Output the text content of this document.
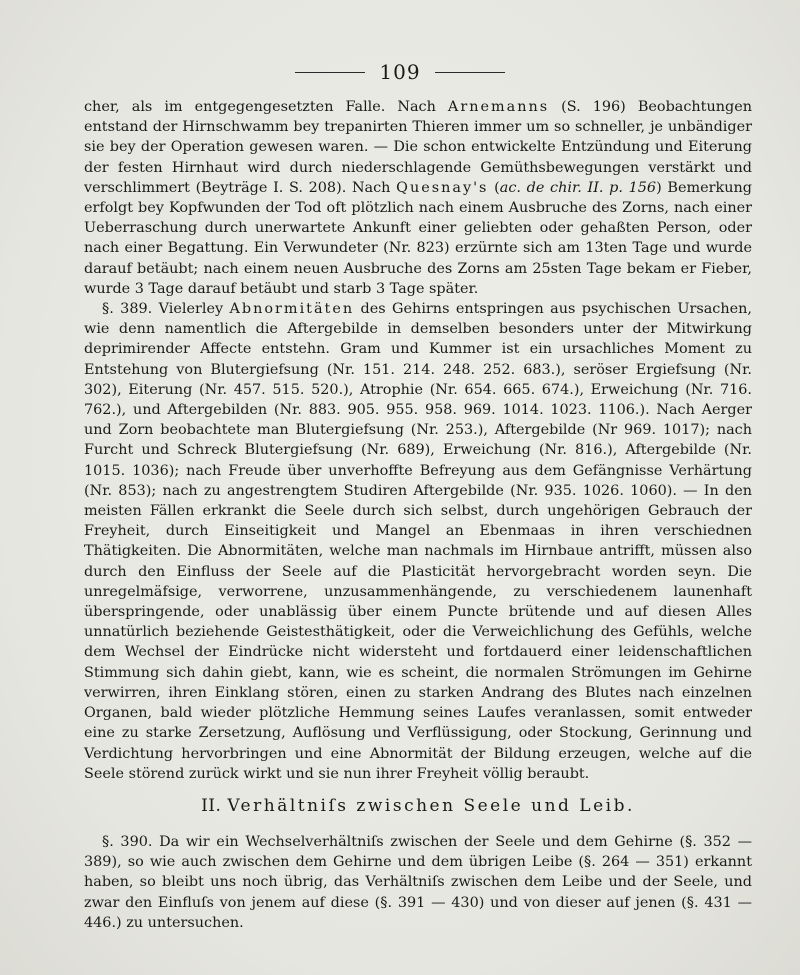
109

cher, als im entgegengesetzten Falle. Nach Arnemanns (S. 196) Beobachtungen entstand der Hirnschwamm bey trepanirten Thieren immer um so schneller, je unbändiger sie bey der Operation gewesen waren. — Die schon entwickelte Entzündung und Eiterung der festen Hirnhaut wird durch niederschlagende Gemüthsbewegungen verstärkt und verschlimmert (Beyträge I. S. 208). Nach Quesnay's (ac. de chir. II. p. 156) Bemerkung erfolgt bey Kopfwunden der Tod oft plötzlich nach einem Ausbruche des Zorns, nach einer Ueberraschung durch unerwartete Ankunft einer geliebten oder gehaßten Person, oder nach einer Begattung. Ein Verwundeter (Nr. 823) erzürnte sich am 13ten Tage und wurde darauf betäubt; nach einem neuen Ausbruche des Zorns am 25sten Tage bekam er Fieber, wurde 3 Tage darauf betäubt und starb 3 Tage später.

§. 389. Vielerley Abnormitäten des Gehirns entspringen aus psychischen Ursachen, wie denn namentlich die Aftergebilde in demselben besonders unter der Mitwirkung deprimirender Affecte entstehn. Gram und Kummer ist ein ursachliches Moment zu Entstehung von Blutergiefsung (Nr. 151. 214. 248. 252. 683.), seröser Ergiefsung (Nr. 302), Eiterung (Nr. 457. 515. 520.), Atrophie (Nr. 654. 665. 674.), Erweichung (Nr. 716. 762.), und Aftergebilden (Nr. 883. 905. 955. 958. 969. 1014. 1023. 1106.). Nach Aerger und Zorn beobachtete man Blutergiefsung (Nr. 253.), Aftergebilde (Nr 969. 1017); nach Furcht und Schreck Blutergiefsung (Nr. 689), Erweichung (Nr. 816.), Aftergebilde (Nr. 1015. 1036); nach Freude über unverhoffte Befreyung aus dem Gefängnisse Verhärtung (Nr. 853); nach zu angestrengtem Studiren Aftergebilde (Nr. 935. 1026. 1060). — In den meisten Fällen erkrankt die Seele durch sich selbst, durch ungehörigen Gebrauch der Freyheit, durch Einseitigkeit und Mangel an Ebenmaas in ihren verschiednen Thätigkeiten. Die Abnormitäten, welche man nachmals im Hirnbaue antrifft, müssen also durch den Einfluss der Seele auf die Plasticität hervorgebracht worden seyn. Die unregelmäfsige, verworrene, unzusammenhängende, zu verschiedenem launenhaft überspringende, oder unablässig über einem Puncte brütende und auf diesen Alles unnatürlich beziehende Geistesthätigkeit, oder die Verweichlichung des Gefühls, welche dem Wechsel der Eindrücke nicht widersteht und fortdauerd einer leidenschaftlichen Stimmung sich dahin giebt, kann, wie es scheint, die normalen Strömungen im Gehirne verwirren, ihren Einklang stören, einen zu starken Andrang des Blutes nach einzelnen Organen, bald wieder plötzliche Hemmung seines Laufes veranlassen, somit entweder eine zu starke Zersetzung, Auflösung und Verflüssigung, oder Stockung, Gerinnung und Verdichtung hervorbringen und eine Abnormität der Bildung erzeugen, welche auf die Seele störend zurück wirkt und sie nun ihrer Freyheit völlig beraubt.

II. Verhältniſs zwischen Seele und Leib.

§. 390. Da wir ein Wechselverhältniſs zwischen der Seele und dem Gehirne (§. 352 — 389), so wie auch zwischen dem Gehirne und dem übrigen Leibe (§. 264 — 351) erkannt haben, so bleibt uns noch übrig, das Verhältniſs zwischen dem Leibe und der Seele, und zwar den Einfluſs von jenem auf diese (§. 391 — 430) und von dieser auf jenen (§. 431 — 446.) zu untersuchen.
